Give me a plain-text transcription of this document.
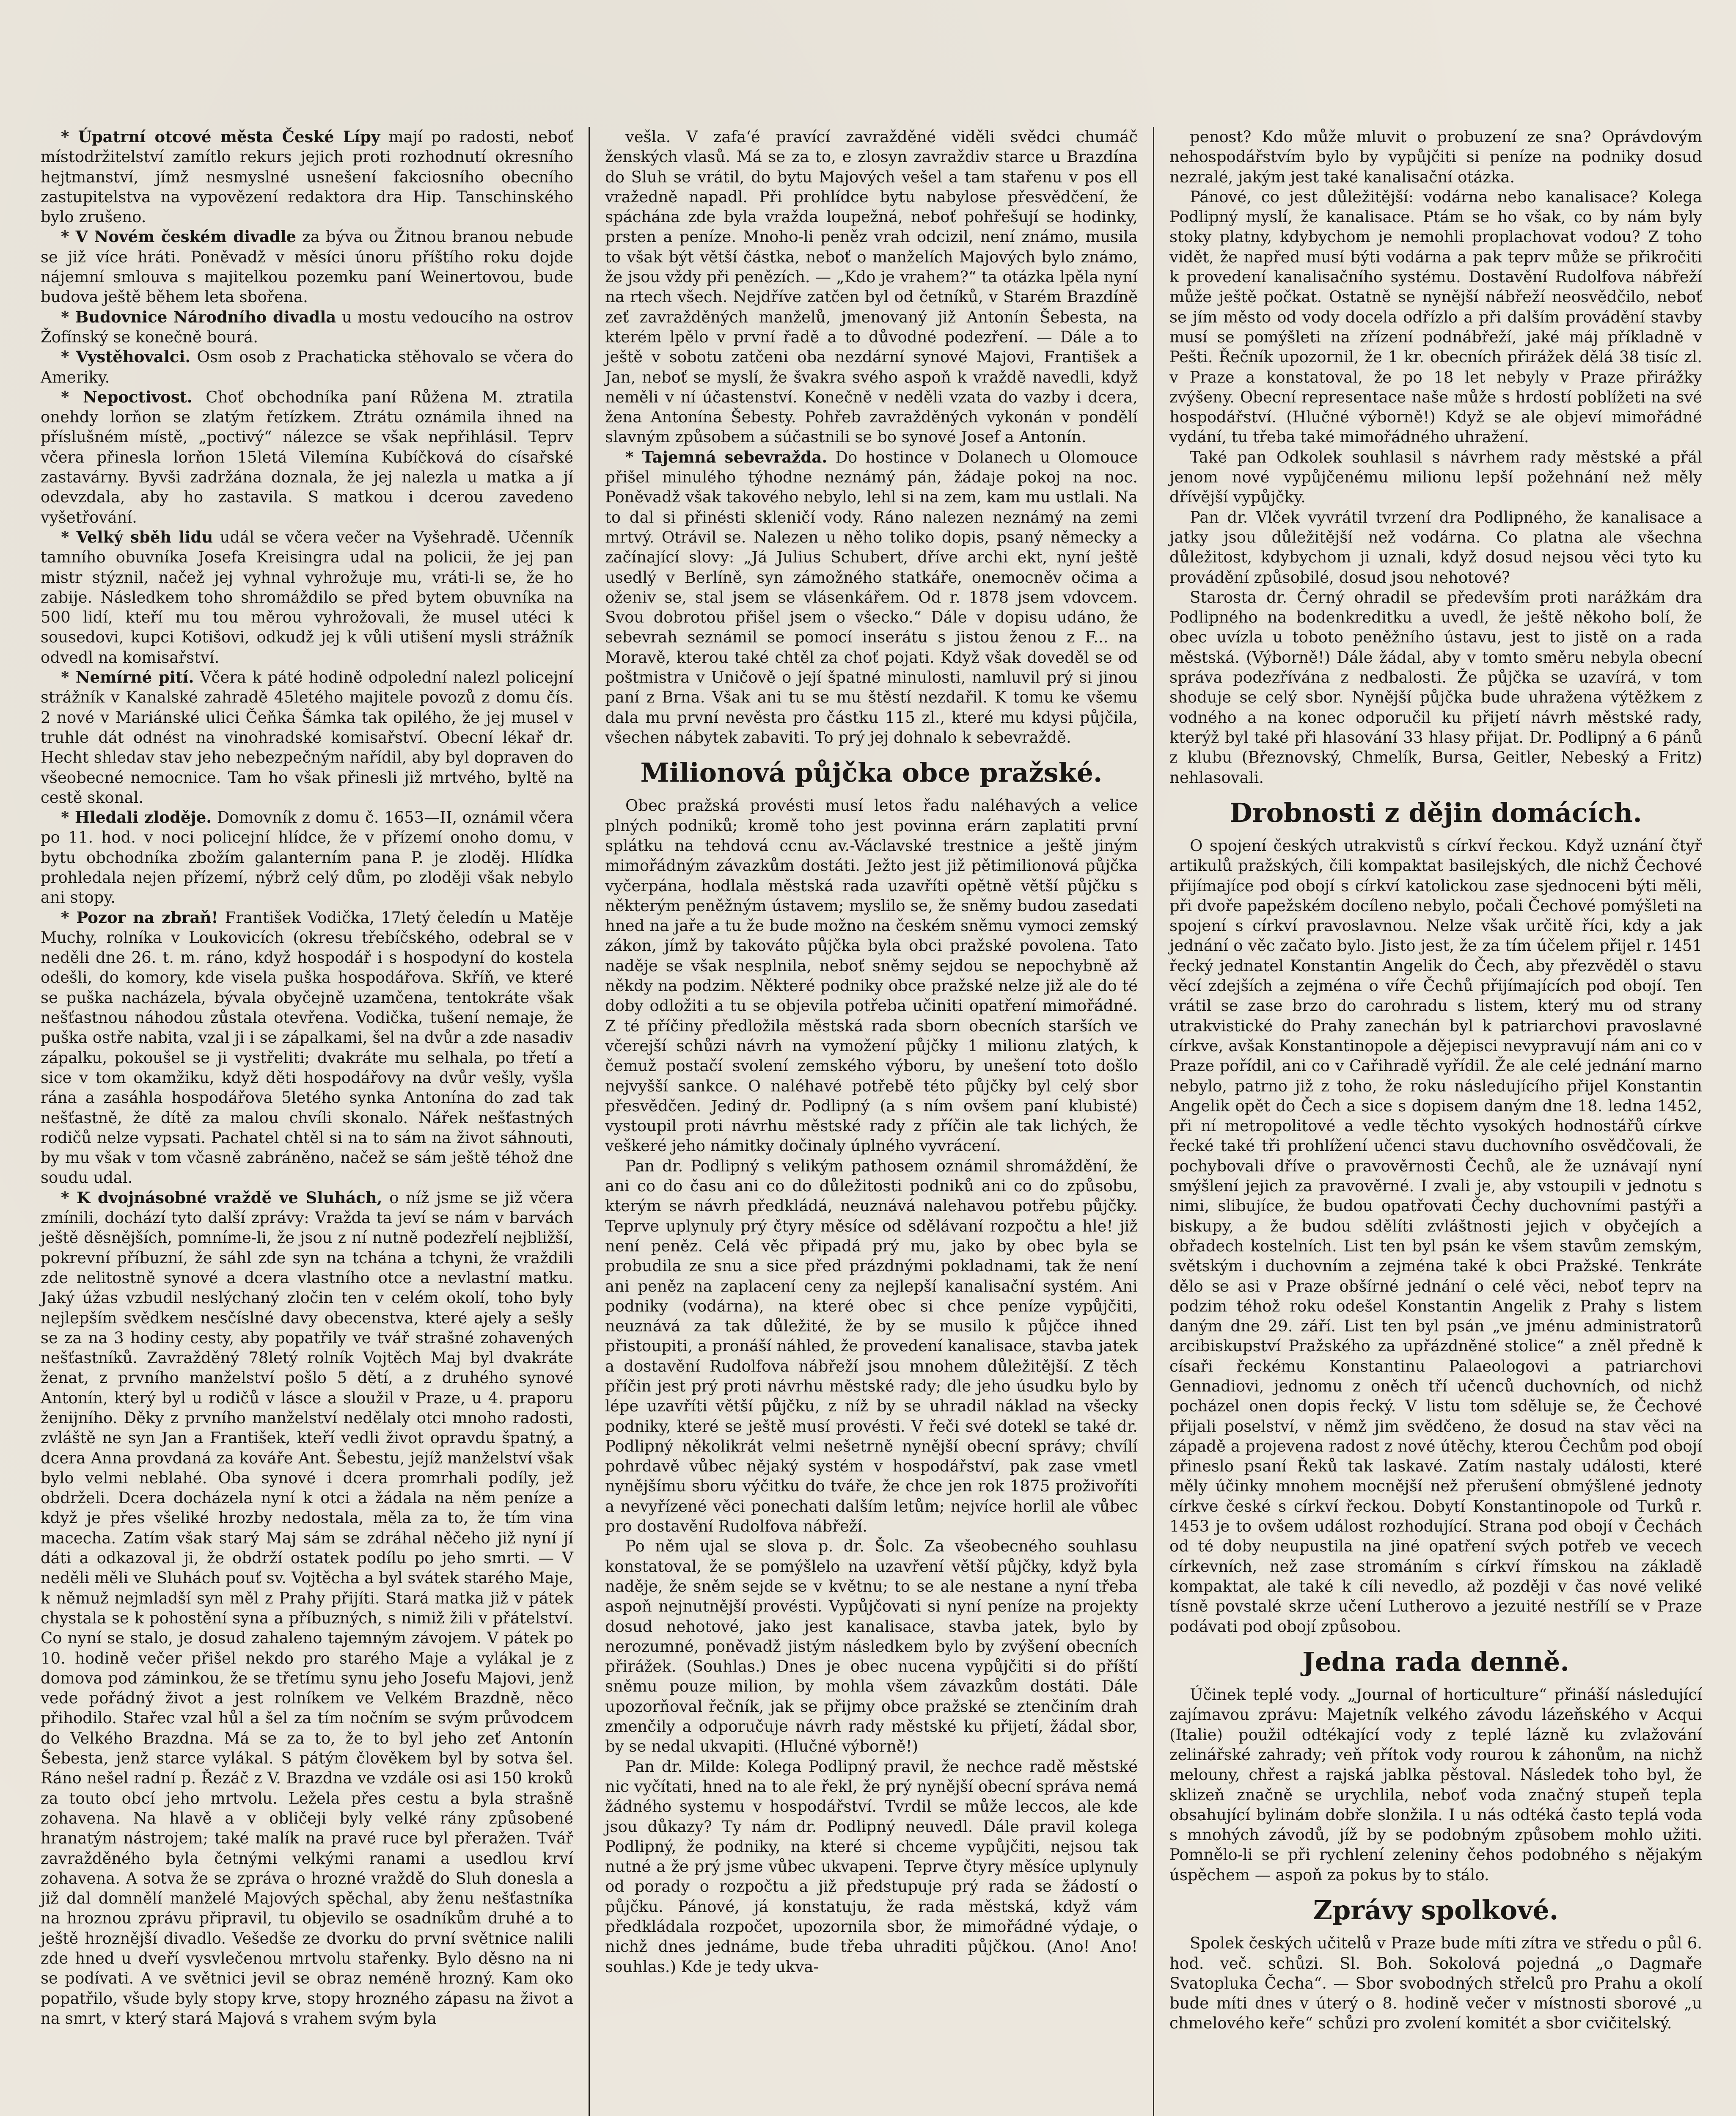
* Úpatrní otcové města České Lípy mají po radosti, neboť místodržitelství zamítlo rekurs jejich proti rozhodnutí okresního hejtmanství, jímž nesmyslné usnešení fakciosního obecního zastupitelstva na vypovězení redaktora dra Hip. Tanschinského bylo zrušeno.

* V Novém českém divadle za býva ou Žitnou branou nebude se již více hráti. Poněvadž v měsíci únoru příštího roku dojde nájemní smlouva s majitelkou pozemku paní Weinertovou, bude budova ještě během leta sbořena.

* Budovnice Národního divadla u mostu vedoucího na ostrov Žofínský se konečně bourá.

* Vystěhovalci. Osm osob z Prachaticka stěhovalo se včera do Ameriky.

* Nepoctivost. Choť obchodníka paní Růžena M. ztratila onehdy lorňon se zlatým řetízkem. Ztrátu oznámila ihned na příslušném místě, „poctivý“ nálezce se však nepřihlásil. Teprv včera přinesla lorňon 15letá Vilemína Kubíčková do císařské zastavárny. Byvši zadržána doznala, že jej nalezla u matka a jí odevzdala, aby ho zastavila. S matkou i dcerou zavedeno vyšetřování.

* Velký sběh lidu udál se včera večer na Vyšehradě. Učenník tamního obuvníka Josefa Kreisingra udal na policii, že jej pan mistr stýznil, načež jej vyhnal vyhrožuje mu, vráti-li se, že ho zabije. Následkem toho shromáždilo se před bytem obuvníka na 500 lidí, kteří mu tou měrou vyhrožovali, že musel utéci k sousedovi, kupci Kotišovi, odkudž jej k vůli utišení mysli strážník odvedl na komisařství.

* Nemírné pití. Včera k páté hodině odpolední nalezl policejní strážník v Kanalské zahradě 45letého majitele povozů z domu čís. 2 nové v Mariánské ulici Čeňka Šámka tak opilého, že jej musel v truhle dát odnést na vinohradské komisařství. Obecní lékař dr. Hecht shledav stav jeho nebezpečným nařídil, aby byl dopraven do všeobecné nemocnice. Tam ho však přinesli již mrtvého, byltě na cestě skonal.

* Hledali zloděje. Domovník z domu č. 1653—II, oznámil včera po 11. hod. v noci policejní hlídce, že v přízemí onoho domu, v bytu obchodníka zbožím galanterním pana P. je zloděj. Hlídka prohledala nejen přízemí, nýbrž celý dům, po zloději však nebylo ani stopy.

* Pozor na zbraň! František Vodička, 17letý čeledín u Matěje Muchy, rolníka v Loukovicích (okresu třebíčského, odebral se v neděli dne 26. t. m. ráno, když hospodář i s hospodyní do kostela odešli, do komory, kde visela puška hospodářova. Skříň, ve které se puška nacházela, bývala obyčejně uzamčena, tentokráte však nešťastnou náhodou zůstala otevřena. Vodička, tušení nemaje, že puška ostře nabita, vzal ji i se zápalkami, šel na dvůr a zde nasadiv zápalku, pokoušel se ji vystřeliti; dvakráte mu selhala, po třetí a sice v tom okamžiku, když děti hospodářovy na dvůr vešly, vyšla rána a zasáhla hospodářova 5letého synka Antonína do zad tak nešťastně, že dítě za malou chvíli skonalo. Nářek nešťastných rodičů nelze vypsati. Pachatel chtěl si na to sám na život sáhnouti, by mu však v tom včasně zabráněno, načež se sám ještě téhož dne soudu udal.

* K dvojnásobné vraždě ve Sluhách, o níž jsme se již včera zmínili, dochází tyto další zprávy: Vražda ta jeví se nám v barvách ještě děsnějších, pomníme-li, že jsou z ní nutně podezřelí nejbližší, pokrevní příbuzní, že sáhl zde syn na tchána a tchyni, že vraždili zde nelitostně synové a dcera vlastního otce a nevlastní matku. Jaký úžas vzbudil neslýchaný zločin ten v celém okolí, toho byly nejlepším svědkem nesčíslné davy obecenstva, které ajely a sešly se za na 3 hodiny cesty, aby popatřily ve tvář strašné zohavených nešťastníků. Zavražděný 78letý rolník Vojtěch Maj byl dvakráte ženat, z prvního manželství pošlo 5 dětí, a z druhého synové Antonín, který byl u rodičů v lásce a sloužil v Praze, u 4. praporu ženijního. Děky z prvního manželství nedělaly otci mnoho radosti, zvláště ne syn Jan a František, kteří vedli život opravdu špatný, a dcera Anna provdaná za kováře Ant. Šebestu, jejíž manželství však bylo velmi neblahé. Oba synové i dcera promrhali podíly, jež obdrželi. Dcera docházela nyní k otci a žádala na něm peníze a když je přes všeliké hrozby nedostala, měla za to, že tím vina macecha. Zatím však starý Maj sám se zdráhal něčeho již nyní jí dáti a odkazoval ji, že obdrží ostatek podílu po jeho smrti. — V neděli měli ve Sluhách pouť sv. Vojtěcha a byl svátek starého Maje, k němuž nejmladší syn měl z Prahy přijíti. Stará matka již v pátek chystala se k pohostění syna a příbuzných, s nimiž žili v přátelství. Co nyní se stalo, je dosud zahaleno tajemným závojem. V pátek po 10. hodině večer přišel nekdo pro starého Maje a vylákal je z domova pod záminkou, že se třetímu synu jeho Josefu Majovi, jenž vede pořádný život a jest rolníkem ve Velkém Brazdně, něco přihodilo. Stařec vzal hůl a šel za tím nočním se svým průvodcem do Velkého Brazdna. Má se za to, že to byl jeho zeť Antonín Šebesta, jenž starce vylákal. S pátým člověkem byl by sotva šel. Ráno nešel radní p. Řezáč z V. Brazdna ve vzdále osi asi 150 kroků za touto obcí jeho mrtvolu. Ležela přes cestu a byla strašně zohavena. Na hlavě a v obličeji byly velké rány způsobené hranatým nástrojem; také malík na pravé ruce byl přeražen. Tvář zavražděného byla četnými velkými ranami a usedlou krví zohavena. A sotva že se zpráva o hrozné vraždě do Sluh donesla a již dal domnělí manželé Majových spěchal, aby ženu nešťastníka na hroznou zprávu připravil, tu objevilo se osadníkům druhé a to ještě hroznější divadlo. Vešedše ze dvorku do první světnice nalili zde hned u dveří vysvlečenou mrtvolu stařenky. Bylo děsno na ni se podívati. A ve světnici jevil se obraz neméně hrozný. Kam oko popatřilo, všude byly stopy krve, stopy hrozného zápasu na život a na smrt, v který stará Majová s vrahem svým byla

vešla. V zafa‘é pravící zavražděné viděli svědci chumáč ženských vlasů. Má se za to, e zlosyn zavraždiv starce u Brazdína do Sluh se vrátil, do bytu Majových vešel a tam stařenu v pos ell vražedně napadl. Při prohlídce bytu nabylose přesvědčení, že spáchána zde byla vražda loupežná, neboť pohřešují se hodinky, prsten a peníze. Mnoho-li peněz vrah odcizil, není známo, musila to však být větší částka, neboť o manželích Majových bylo známo, že jsou vždy při penězích. — „Kdo je vrahem?“ ta otázka lpěla nyní na rtech všech. Nejdříve zatčen byl od četníků, v Starém Brazdíně zeť zavražděných manželů, jmenovaný již Antonín Šebesta, na kterém lpělo v první řadě a to důvodné podezření. — Dále a to ještě v sobotu zatčeni oba nezdární synové Majovi, František a Jan, neboť se myslí, že švakra svého aspoň k vraždě navedli, když neměli v ní účastenství. Konečně v neděli vzata do vazby i dcera, žena Antonína Šebesty. Pohřeb zavražděných vykonán v pondělí slavným způsobem a súčastnili se bo synové Josef a Antonín.

* Tajemná sebevražda. Do hostince v Dolanech u Olomouce přišel minulého týhodne neznámý pán, žádaje pokoj na noc. Poněvadž však takového nebylo, lehl si na zem, kam mu ustlali. Na to dal si přinésti skleničí vody. Ráno nalezen neznámý na zemi mrtvý. Otrávil se. Nalezen u něho tolikо dopis, psaný německy a začínající slovy: „Já Julius Schubert, dříve archi ekt, nyní ještě usedlý v Berlíně, syn zámožného statkáře, onemocněv očima a oženiv se, stal jsem se vlásenkářem. Od r. 1878 jsem vdovcem. Svou dobrotou přišel jsem o všecko.“ Dále v dopisu udáno, že sebevrah seznámil se pomocí inserátu s jistou ženou z F... na Moravě, kterou také chtěl za choť pojati. Když však doveděl se od poštmistra v Uničově o její špatné minulosti, namluvil prý si jinou paní z Brna. Však ani tu se mu štěstí nezdařil. K tomu ke všemu dala mu první nevěsta pro částku 115 zl., které mu kdysi půjčila, všechen nábytek zabaviti. To prý jej dohnalo k sebevraždě.

Milionová půjčka obce pražské.

Obec pražská provésti musí letos řadu naléhavých a velice plných podniků; kromě toho jest povinna erárn zaplatiti první splátku na tehdová ccnu av.-Václavské trestnice a ještě jiným mimořádným závazkům dostáti. Ježto jest již pětimilionová půjčka vyčerpána, hodlala městská rada uzavříti opětně větší půjčku s některým peněžným ústavem; myslilo se, že sněmy budou zasedati hned na jaře a tu že bude možno na českém sněmu vymoci zemský zákon, jímž by takováto půjčka byla obci pražské povolena. Tato naděje se však nesplnila, neboť sněmy sejdou se nepochybně až někdy na podzim. Některé podniky obce pražské nelze již ale do té doby odložiti a tu se objevila potřeba učiniti opatření mimořádné. Z té příčiny předložila městská rada sborn obecních starších ve včerejší schůzi návrh na vymožení půjčky 1 milionu zlatých, k čemuž postačí svolení zemského výboru, by unešení toto došlo nejvyšší sankce. O naléhavé potřebě této půjčky byl celý sbor přesvědčen. Jediný dr. Podlipný (a s ním ovšem paní klubisté) vystoupil proti návrhu městské rady z příčin ale tak lichých, že veškeré jeho námitky dočinaly úplného vyvrácení.

Pan dr. Podlipný s velikým pathosem oznámil shromáždění, že ani co do času ani co do důležitosti podniků ani co do způsobu, kterým se návrh předkládá, neuznává nalehavou potřebu půjčky. Teprve uplynuly prý čtyry měsíce od sdělávaní rozpočtu a hle! již není peněz. Celá věc připadá prý mu, jako by obec byla se probudila ze snu a sice před prázdnými pokladnami, tak že není ani peněz na zaplacení ceny za nejlepší kanalisační systém. Ani podniky (vodárna), na které obec si chce peníze vypůjčiti, neuznává za tak důležité, že by se musilo k půjčce ihned přistoupiti, a pronáší náhled, že provedení kanalisace, stavba jatek a dostavění Rudolfova nábřeží jsou mnohem důležitější. Z těch příčin jest prý proti návrhu městské rady; dle jeho úsudku bylo by lépe uzavříti větší půjčku, z níž by se uhradil náklad na všecky podniky, které se ještě musí provésti. V řeči své dotekl se také dr. Podlipný několikrát velmi nešetrně nynější obecní správy; chvílí pohrdavě vůbec nějaký systém v hospodářství, pak zase vmetl nynějšímu sboru výčitku do tváře, že chce jen rok 1875 proživoříti a nevyřízené věci ponechati dalším letům; nejvíce horlil ale vůbec pro dostavění Rudolfova nábřeží.

Po něm ujal se slova p. dr. Šolc. Za všeobecného souhlasu konstatoval, že se pomýšlelo na uzavření větší půjčky, když byla naděje, že sněm sejde se v květnu; to se ale nestane a nyní třeba aspoň nejnutnější provésti. Vypůjčovati si nyní peníze na projekty dosud nehotové, jako jest kanalisace, stavba jatek, bylo by nerozumné, poněvadž jistým následkem bylo by zvýšení obecních přirážek. (Souhlas.) Dnes je obec nucena vypůjčiti si do příští sněmu pouze milion, by mohla všem závazkům dostáti. Dále upozorňoval řečník, jak se přijmy obce pražské se ztenčiním drah zmenčily a odporučuje návrh rady městské ku přijetí, žádal sbor, by se nedal ukvapiti. (Hlučné výborně!)

Pan dr. Milde: Kolega Podlipný pravil, že nechce radě městské nic vyčítati, hned na to ale řekl, že prý nynější obecní správa nemá žádného systemu v hospodářství. Tvrdil se může leccos, ale kde jsou důkazy? Ty nám dr. Podlipný neuvedl. Dále pravil kolega Podlipný, že podniky, na které si chceme vypůjčiti, nejsou tak nutné a že prý jsme vůbec ukvapeni. Teprve čtyry měsíce uplynuly od porady o rozpočtu a již předstupuje prý rada se žádostí o půjčku. Pánové, já konstatuju, že rada městská, když vám předkládala rozpočet, upozornila sbor, že mimořádné výdaje, o nichž dnes jednáme, bude třeba uhraditi půjčkou. (Ano! Ano! souhlas.) Kde je tedy ukva-

penost? Kdo může mluvit o probuzení ze sna? Oprávdovým nehospodářstvím bylo by vypůjčiti si peníze na podniky dosud nezralé, jakým jest také kanalisační otázka.

Pánové, co jest důležitější: vodárna nebo kanalisace? Kolega Podlipný myslí, že kanalisace. Ptám se ho však, co by nám byly stoky platny, kdybychom je nemohli proplachovat vodou? Z toho vidět, že napřed musí býti vodárna a pak teprv může se přikročiti k provedení kanalisačního systému. Dostavění Rudolfova nábřeží může ještě počkat. Ostatně se nynější nábřeží neosvědčilo, neboť se jím město od vody docela odřízlo a při dalším provádění stavby musí se pomýšleti na zřízení podnábřeží, jaké máj příkladně v Pešti. Řečník upozornil, že 1 kr. obecních přirážek dělá 38 tisíc zl. v Praze a konstatoval, že po 18 let nebyly v Praze přirážky zvýšeny. Obecní representace naše může s hrdostí poblížeti na své hospodářství. (Hlučné výborně!) Když se ale objeví mimořádné vydání, tu třeba také mimořádného uhražení.

Také pan Odkolek souhlasil s návrhem rady městské a přál jenom nové vypůjčenému milionu lepší požehnání než měly dřívější vypůjčky.

Pan dr. Vlček vyvrátil tvrzení dra Podlipného, že kanalisace a jatky jsou důležitější než vodárna. Co platna ale všechna důležitost, kdybychom ji uznali, když dosud nejsou věci tyto ku provádění způsobilé, dosud jsou nehotové?

Starosta dr. Černý ohradil se především proti narážkám dra Podlipného na bodenkreditku a uvedl, že ještě někoho bolí, že obec uvízla u toboto peněžního ústavu, jest to jistě on a rada městská. (Výborně!) Dále žádal, aby v tomto směru nebyla obecní správa podezřívána z nedbalosti. Že půjčka se uzavírá, v tom shoduje se celý sbor. Nynější půjčka bude uhražena výtěžkem z vodného a na konec odporučil ku přijetí návrh městské rady, kterýž byl také při hlasování 33 hlasy přijat. Dr. Podlipný a 6 pánů z klubu (Březnovský, Chmelík, Bursa, Geitler, Nebeský a Fritz) nehlasovali.

Drobnosti z dějin domácích.

O spojení českých utrakvistů s církví řeckou. Když uznání čtyř artikulů pražských, čili kompaktat basilejských, dle nichž Čechové přijímajíce pod obojí s církví katolickou zase sjednoceni býti měli, při dvoře papežském docíleno nebylo, počali Čechové pomýšleti na spojení s církví pravoslavnou. Nelze však určitě říci, kdy a jak jednání o věc začato bylo. Jisto jest, že za tím účelem přijel r. 1451 řecký jednatel Konstantin Angelik do Čech, aby přezvěděl o stavu věcí zdejších a zejména o víře Čechů přijímajících pod obojí. Ten vrátil se zase brzo do carohradu s listem, který mu od strany utrakvistické do Prahy zanechán byl k patriarchovi pravoslavné církve, avšak Konstantinopole a dějepisci nevypravují nám ani co v Praze pořídil, ani co v Cařihradě vyřídil. Že ale celé jednání marno nebylo, patrno již z toho, že roku následujícího přijel Konstantin Angelik opět do Čech a sice s dopisem daným dne 18. ledna 1452, při ní metropolitové a vedle těchto vysokých hodnostářů církve řecké také tři prohlížení učenci stavu duchovního osvědčovali, že pochybovali dříve o pravověrnosti Čechů, ale že uznávají nyní smýšlení jejich za pravověrné. I zvali je, aby vstoupili v jednotu s nimi, slibujíce, že budou opatřovati Čechy duchovními pastýři a biskupy, a že budou sdělíti zvláštnosti jejich v obyčejích a obřadech kostelních. List ten byl psán ke všem stavům zemským, světským i duchovním a zejména také k obci Pražské. Tenkráte dělo se asi v Praze obšírné jednání o celé věci, neboť teprv na podzim téhož roku odešel Konstantin Angelik z Prahy s listem daným dne 29. září. List ten byl psán „ve jménu administratorů arcibiskupství Pražského za upřázdněné stolice“ a zněl předně k císaři řeckému Konstantinu Palaeologovi a patriarchovi Gennadiovi, jednomu z oněch tří učenců duchovních, od nichž pocházel onen dopis řecký. V listu tom sděluje se, že Čechové přijali poselství, v němž jim svědčeno, že dosud na stav věci na západě a projevena radost z nové útěchy, kterou Čechům pod obojí přineslo psaní Řeků tak laskavé. Zatím nastaly události, které měly účinky mnohem mocnější než přerušení obmýšlené jednoty církve české s církví řeckou. Dobytí Konstantinopole od Turků r. 1453 je to ovšem událost rozhodující. Strana pod obojí v Čechách od té doby neupustila na jiné opatření svých potřeb ve vecech církevních, než zase strománím s církví římskou na základě kompaktat, ale také k cíli nevedlo, až později v čas nové veliké tísně povstalé skrze učení Lutherovo a jezuité nestřílí se v Praze podávati pod obojí způsobou.

Jedna rada denně.

Účinek teplé vody. „Journal of horticulture“ přináší následující zajímavou zprávu: Majetník velkého závodu lázeňského v Acqui (Italie) použil odtékající vody z teplé lázně ku zvlažování zelinářské zahrady; veň přítok vody rourou k záhonům, na nichž melouny, chřest a rajská jablka pěstoval. Následek toho byl, že sklizeň značně se urychlila, neboť voda značný stupeň tepla obsahující bylinám dobře slonžila. I u nás odtéká často teplá voda s mnohých závodů, jíž by se podobným způsobem mohlo užiti. Pomnělo-li se při rychlení zeleniny čehos podobného s nějakým úspěchem — aspoň za pokus by to stálo.

Zprávy spolkové.

Spolek českých učitelů v Praze bude míti zítra ve středu o půl 6. hod. več. schůzi. Sl. Boh. Sokolová pojedná „o Dagmaře Svatopluka Čecha“. — Sbor svobodných střelců pro Prahu a okolí bude míti dnes v úterý o 8. hodině večer v místnosti sborové „u chmelového keře“ schůzi pro zvolení komitét a sbor cvičitelský.
